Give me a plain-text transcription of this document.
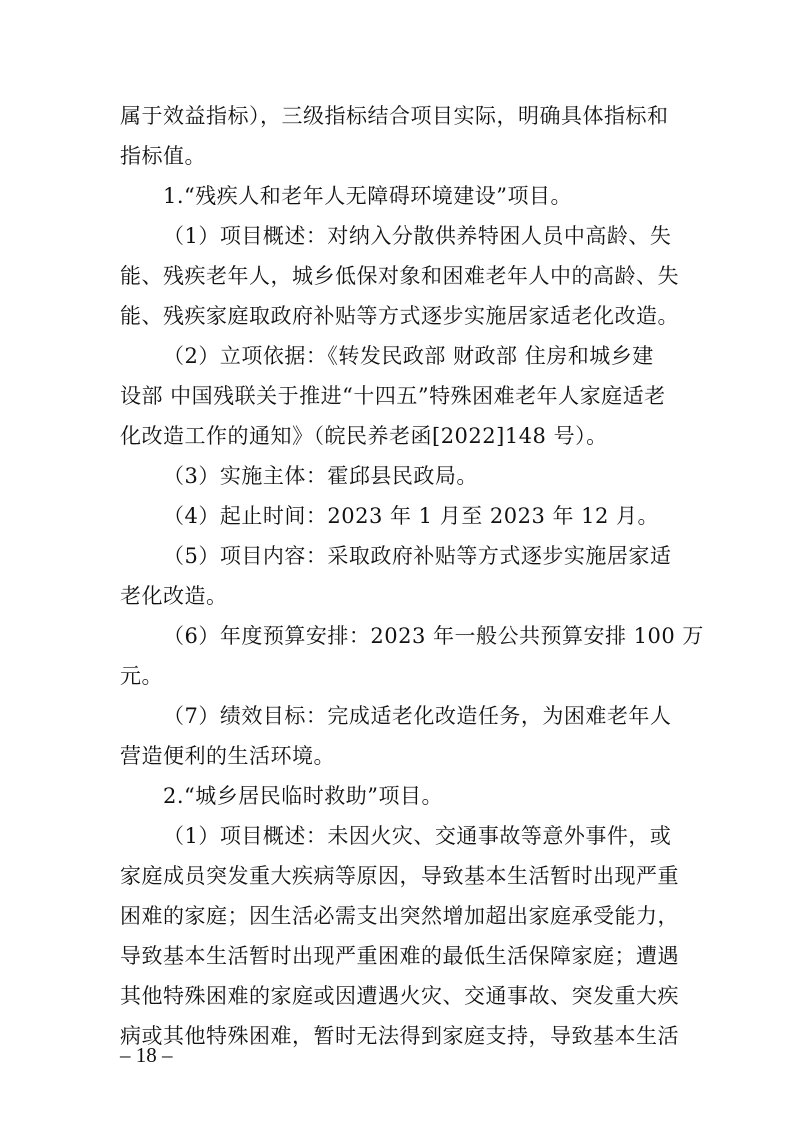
属于效益指标），三级指标结合项目实际，明确具体指标和
指标值。
1.“残疾人和老年人无障碍环境建设”项目。
（1）项目概述：对纳入分散供养特困人员中高龄、失
能、残疾老年人，城乡低保对象和困难老年人中的高龄、失
能、残疾家庭取政府补贴等方式逐步实施居家适老化改造。
（2）立项依据：《转发民政部 财政部 住房和城乡建
设部 中国残联关于推进“十四五”特殊困难老年人家庭适老
化改造工作的通知》（皖民养老函[2022]148 号）。
（3）实施主体：霍邱县民政局。
（4）起止时间：2023 年 1 月至 2023 年 12 月。
（5）项目内容：采取政府补贴等方式逐步实施居家适
老化改造。
（6）年度预算安排：2023 年一般公共预算安排 100 万
元。
（7）绩效目标：完成适老化改造任务，为困难老年人
营造便利的生活环境。
2.“城乡居民临时救助”项目。
（1）项目概述：未因火灾、交通事故等意外事件，或
家庭成员突发重大疾病等原因，导致基本生活暂时出现严重
困难的家庭；因生活必需支出突然增加超出家庭承受能力，
导致基本生活暂时出现严重困难的最低生活保障家庭；遭遇
其他特殊困难的家庭或因遭遇火灾、交通事故、突发重大疾
病或其他特殊困难，暂时无法得到家庭支持，导致基本生活
– 18 –
